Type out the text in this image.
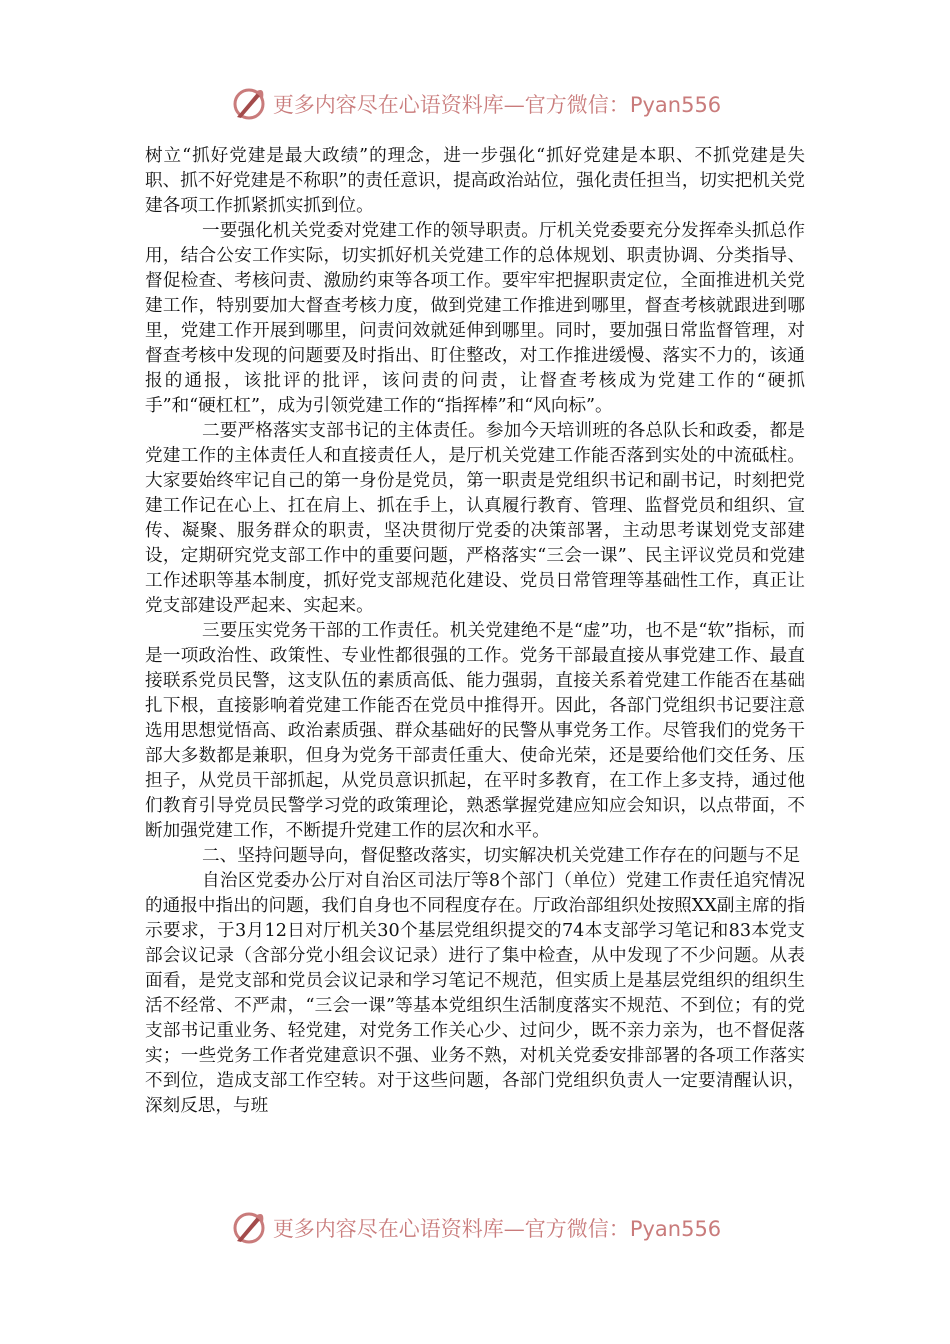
更多内容尽在心语资料库—官方微信：Pyan556

树立“抓好党建是最大政绩”的理念，进一步强化“抓好党建是本职、不抓党建是失职、抓不好党建是不称职”的责任意识，提高政治站位，强化责任担当，切实把机关党建各项工作抓紧抓实抓到位。

一要强化机关党委对党建工作的领导职责。厅机关党委要充分发挥牵头抓总作用，结合公安工作实际，切实抓好机关党建工作的总体规划、职责协调、分类指导、督促检查、考核问责、激励约束等各项工作。要牢牢把握职责定位，全面推进机关党建工作，特别要加大督查考核力度，做到党建工作推进到哪里，督查考核就跟进到哪里，党建工作开展到哪里，问责问效就延伸到哪里。同时，要加强日常监督管理，对督查考核中发现的问题要及时指出、盯住整改，对工作推进缓慢、落实不力的，该通报的通报，该批评的批评，该问责的问责，让督查考核成为党建工作的“硬抓手”和“硬杠杠”，成为引领党建工作的“指挥棒”和“风向标”。

二要严格落实支部书记的主体责任。参加今天培训班的各总队长和政委，都是党建工作的主体责任人和直接责任人，是厅机关党建工作能否落到实处的中流砥柱。大家要始终牢记自己的第一身份是党员，第一职责是党组织书记和副书记，时刻把党建工作记在心上、扛在肩上、抓在手上，认真履行教育、管理、监督党员和组织、宣传、凝聚、服务群众的职责，坚决贯彻厅党委的决策部署，主动思考谋划党支部建设，定期研究党支部工作中的重要问题，严格落实“三会一课”、民主评议党员和党建工作述职等基本制度，抓好党支部规范化建设、党员日常管理等基础性工作，真正让党支部建设严起来、实起来。

三要压实党务干部的工作责任。机关党建绝不是“虚”功，也不是“软”指标，而是一项政治性、政策性、专业性都很强的工作。党务干部最直接从事党建工作、最直接联系党员民警，这支队伍的素质高低、能力强弱，直接关系着党建工作能否在基础扎下根，直接影响着党建工作能否在党员中推得开。因此，各部门党组织书记要注意选用思想觉悟高、政治素质强、群众基础好的民警从事党务工作。尽管我们的党务干部大多数都是兼职，但身为党务干部责任重大、使命光荣，还是要给他们交任务、压担子，从党员干部抓起，从党员意识抓起，在平时多教育，在工作上多支持，通过他们教育引导党员民警学习党的政策理论，熟悉掌握党建应知应会知识，以点带面，不断加强党建工作，不断提升党建工作的层次和水平。

二、坚持问题导向，督促整改落实，切实解决机关党建工作存在的问题与不足

自治区党委办公厅对自治区司法厅等8个部门（单位）党建工作责任追究情况的通报中指出的问题，我们自身也不同程度存在。厅政治部组织处按照XX副主席的指示要求，于3月12日对厅机关30个基层党组织提交的74本支部学习笔记和83本党支部会议记录（含部分党小组会议记录）进行了集中检查，从中发现了不少问题。从表面看，是党支部和党员会议记录和学习笔记不规范，但实质上是基层党组织的组织生活不经常、不严肃，“三会一课”等基本党组织生活制度落实不规范、不到位；有的党支部书记重业务、轻党建，对党务工作关心少、过问少，既不亲力亲为，也不督促落实；一些党务工作者党建意识不强、业务不熟，对机关党委安排部署的各项工作落实不到位，造成支部工作空转。对于这些问题，各部门党组织负责人一定要清醒认识，深刻反思，与班

更多内容尽在心语资料库—官方微信：Pyan556
